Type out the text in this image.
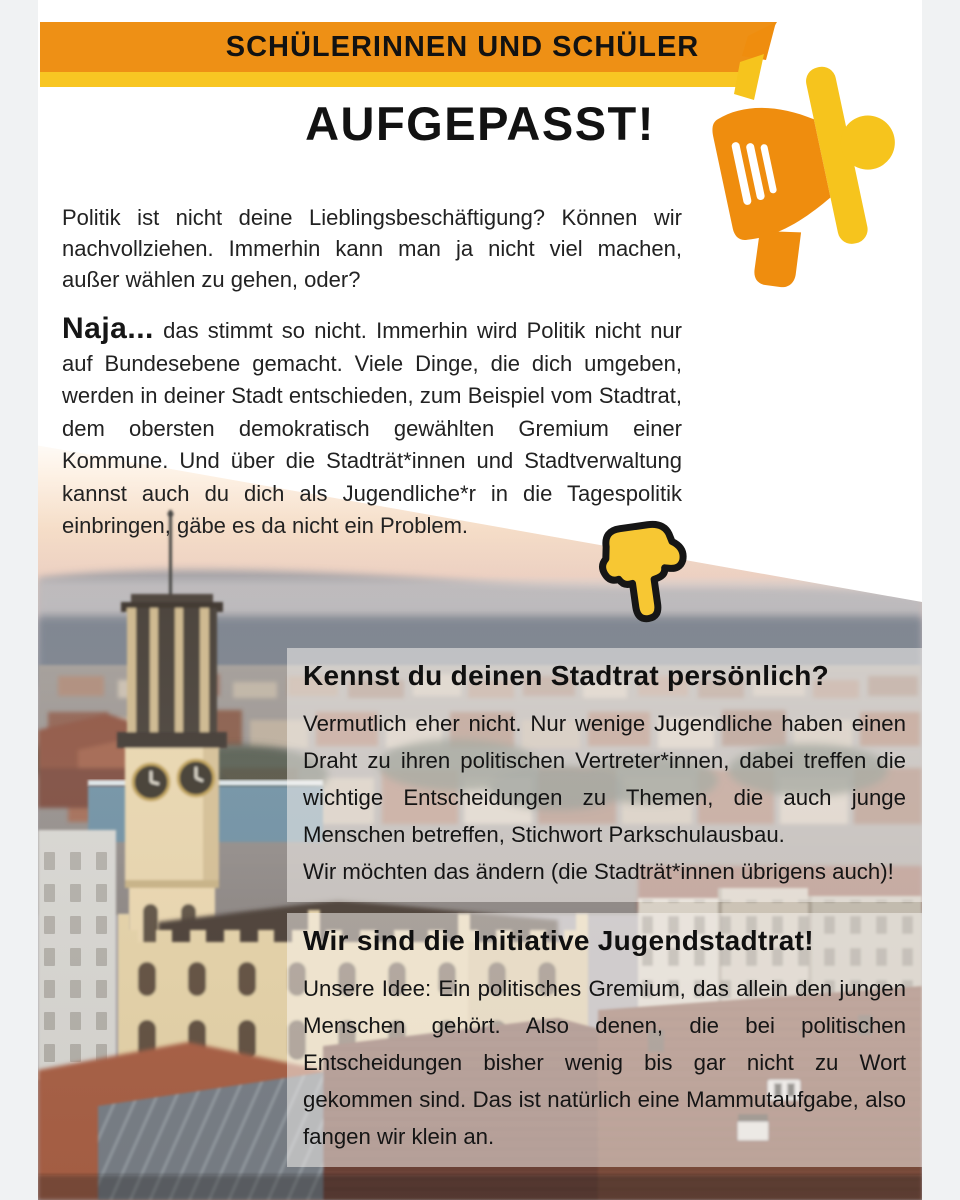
SCHÜLERINNEN UND SCHÜLER
AUFGEPASST!

Politik ist nicht deine Lieblingsbeschäftigung? Können wir nachvollziehen. Immerhin kann man ja nicht viel machen, außer wählen zu gehen, oder?

Naja... das stimmt so nicht. Immerhin wird Politik nicht nur auf Bundesebene gemacht. Viele Dinge, die dich umgeben, werden in deiner Stadt entschieden, zum Beispiel vom Stadtrat, dem obersten demokratisch gewählten Gremium einer Kommune. Und über die Stadträt*innen und Stadtverwaltung kannst auch du dich als Jugendliche*r in die Tagespolitik einbringen, gäbe es da nicht ein Problem.

Kennst du deinen Stadtrat persönlich?

Vermutlich eher nicht. Nur wenige Jugendliche haben einen Draht zu ihren politischen Vertreter*innen, dabei treffen die wichtige Entscheidungen zu Themen, die auch junge Menschen betreffen, Stichwort Parkschulausbau.

Wir möchten das ändern (die Stadträt*innen übrigens auch)!

Wir sind die Initiative Jugendstadtrat!

Unsere Idee: Ein politisches Gremium, das allein den jungen Menschen gehört. Also denen, die bei politischen Entscheidungen bisher wenig bis gar nicht zu Wort gekommen sind. Das ist natürlich eine Mammutaufgabe, also fangen wir klein an.
